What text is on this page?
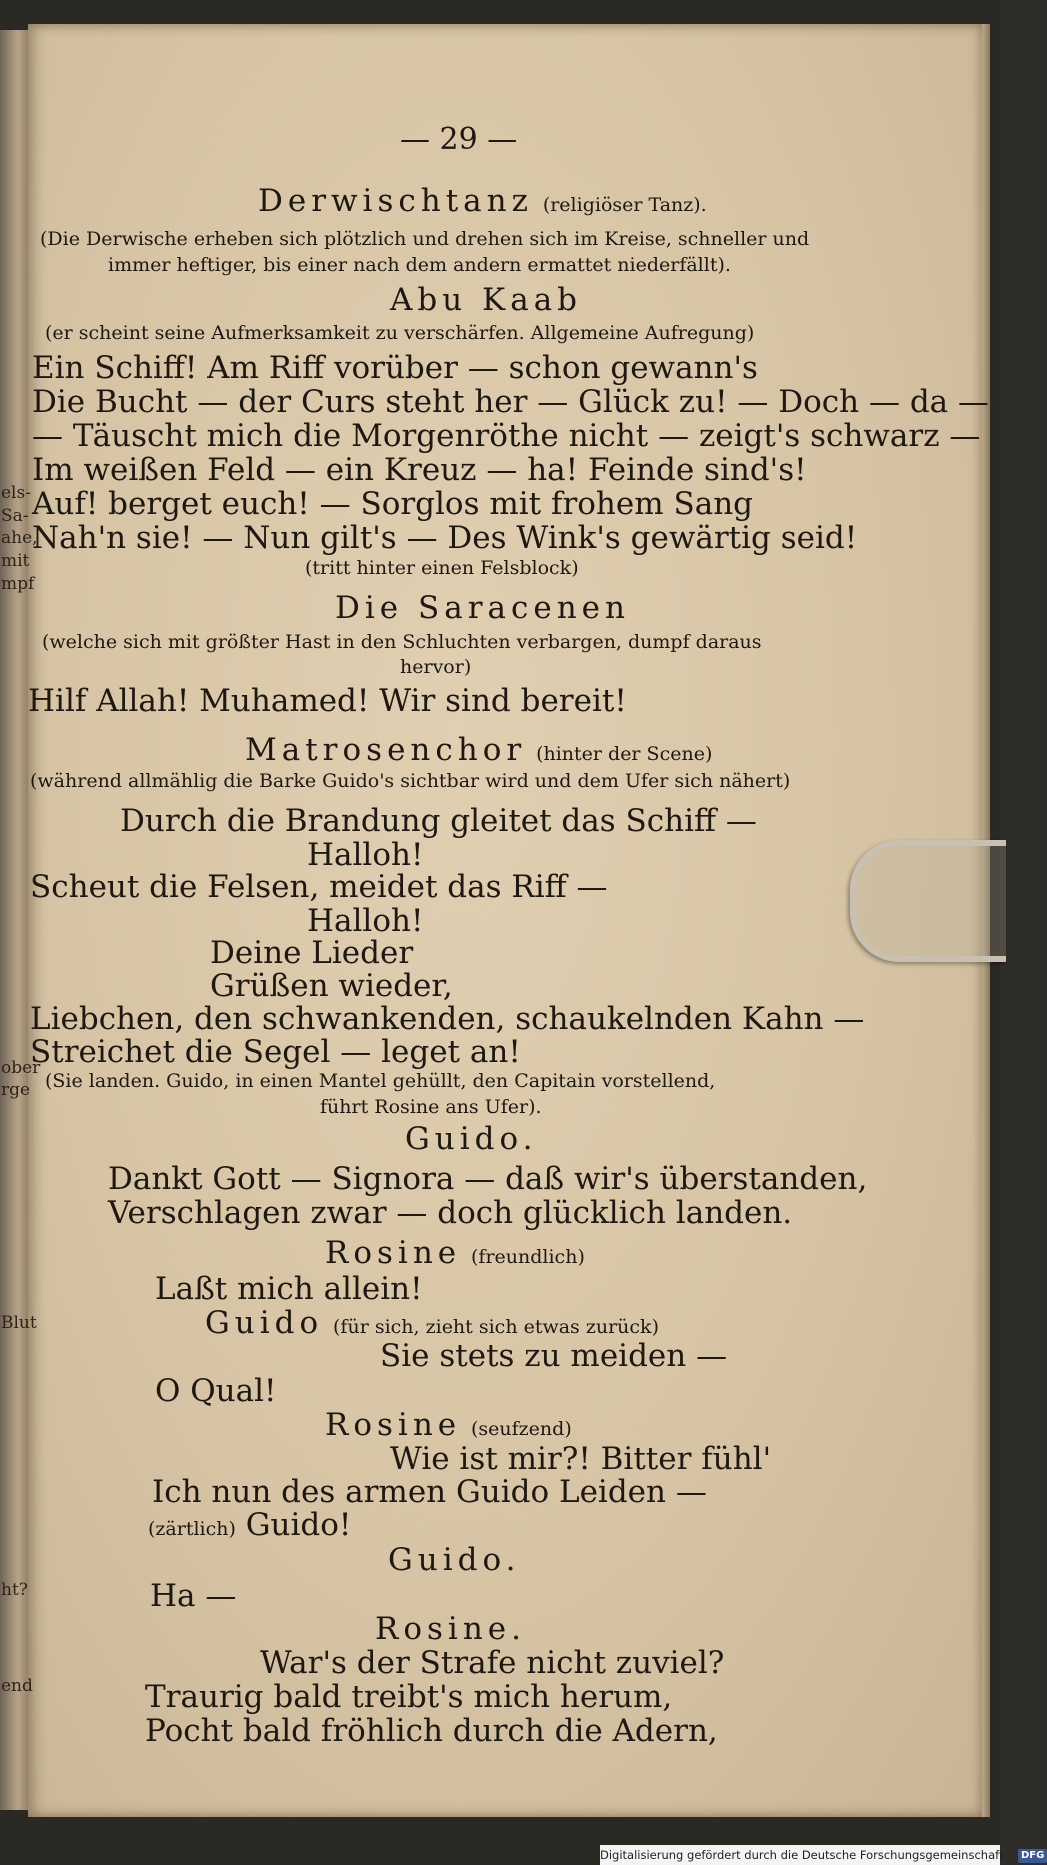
els-
Sa-
ahe,
mit
mpf
ober
rge
Blut
ht?
end
— 29 —
Derwischtanz (religiöser Tanz).
(Die Derwische erheben sich plötzlich und drehen sich im Kreise, schneller und
immer heftiger, bis einer nach dem andern ermattet niederfällt).
Abu Kaab
(er scheint seine Aufmerksamkeit zu verschärfen. Allgemeine Aufregung)
Ein Schiff! Am Riff vorüber — schon gewann's
Die Bucht — der Curs steht her — Glück zu! — Doch — da —
— Täuscht mich die Morgenröthe nicht — zeigt's schwarz —
Im weißen Feld — ein Kreuz — ha! Feinde sind's!
Auf! berget euch! — Sorglos mit frohem Sang
Nah'n sie! — Nun gilt's — Des Wink's gewärtig seid!
(tritt hinter einen Felsblock)
Die Saracenen
(welche sich mit größter Hast in den Schluchten verbargen, dumpf daraus
hervor)
Hilf Allah! Muhamed! Wir sind bereit!
Matrosenchor (hinter der Scene)
(während allmählig die Barke Guido's sichtbar wird und dem Ufer sich nähert)
Durch die Brandung gleitet das Schiff —
Halloh!
Scheut die Felsen, meidet das Riff —
Halloh!
Deine Lieder
Grüßen wieder,
Liebchen, den schwankenden, schaukelnden Kahn —
Streichet die Segel — leget an!
(Sie landen. Guido, in einen Mantel gehüllt, den Capitain vorstellend,
führt Rosine ans Ufer).
Guido.
Dankt Gott — Signora — daß wir's überstanden,
Verschlagen zwar — doch glücklich landen.
Rosine (freundlich)
Laßt mich allein!
Guido (für sich, zieht sich etwas zurück)
Sie stets zu meiden —
O Qual!
Rosine (seufzend)
Wie ist mir?! Bitter fühl'
Ich nun des armen Guido Leiden —
(zärtlich) Guido!
Guido.
Ha —
Rosine.
War's der Strafe nicht zuviel?
Traurig bald treibt's mich herum,
Pocht bald fröhlich durch die Adern,
Digitalisierung gefördert durch die Deutsche Forschungsgemeinschaft - DFG
